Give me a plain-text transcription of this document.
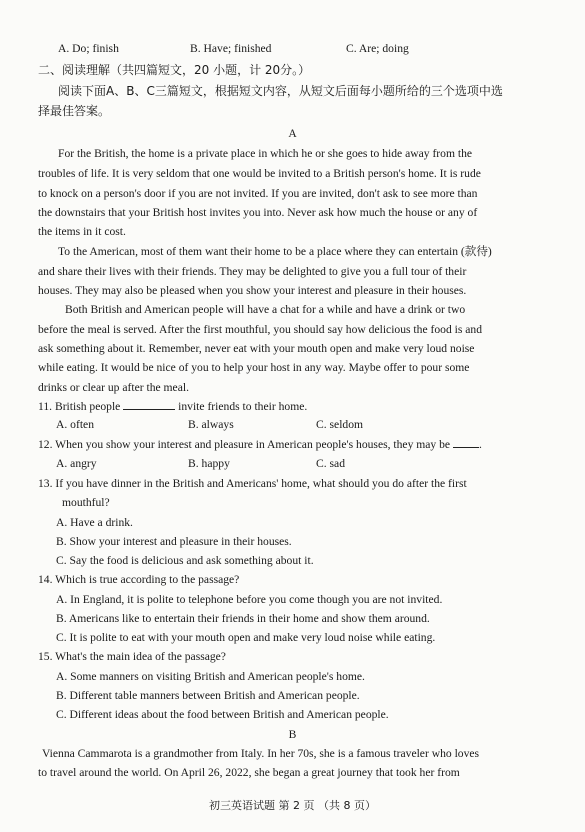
A. Do; finish	B. Have; finished	C. Are; doing
二、阅读理解（共四篇短文，20 小题，计 20分。）
阅读下面A、B、C三篇短文，根据短文内容，从短文后面每小题所给的三个选项中选
择最佳答案。
A
For the British, the home is a private place in which he or she goes to hide away from the
troubles of life. It is very seldom that one would be invited to a British person's home. It is rude
to knock on a person's door if you are not invited. If you are invited, don't ask to see more than
the downstairs that your British host invites you into. Never ask how much the house or any of
the items in it cost.
To the American, most of them want their home to be a place where they can entertain (款待)
and share their lives with their friends. They may be delighted to give you a full tour of their
houses. They may also be pleased when you show your interest and pleasure in their houses.
Both British and American people will have a chat for a while and have a drink or two
before the meal is served. After the first mouthful, you should say how delicious the food is and
ask something about it. Remember, never eat with your mouth open and make very loud noise
while eating. It would be nice of you to help your host in any way. Maybe offer to pour some
drinks or clear up after the meal.
11. British people	invite friends to their home.
A. often	B. always	C. seldom
12. When you show your interest and pleasure in American people's houses, they may be .
A. angry	B. happy	C. sad
13. If you have dinner in the British and Americans' home, what should you do after the first
mouthful?
A. Have a drink.
B. Show your interest and pleasure in their houses.
C. Say the food is delicious and ask something about it.
14. Which is true according to the passage?
A. In England, it is polite to telephone before you come though you are not invited.
B. Americans like to entertain their friends in their home and show them around.
C. It is polite to eat with your mouth open and make very loud noise while eating.
15. What's the main idea of the passage?
A. Some manners on visiting British and American people's home.
B. Different table manners between British and American people.
C. Different ideas about the food between British and American people.
B
Vienna Cammarota is a grandmother from Italy. In her 70s, she is a famous traveler who loves
to travel around the world. On April 26, 2022, she began a great journey that took her from
初三英语试题 第 2 页 （共 8 页）
